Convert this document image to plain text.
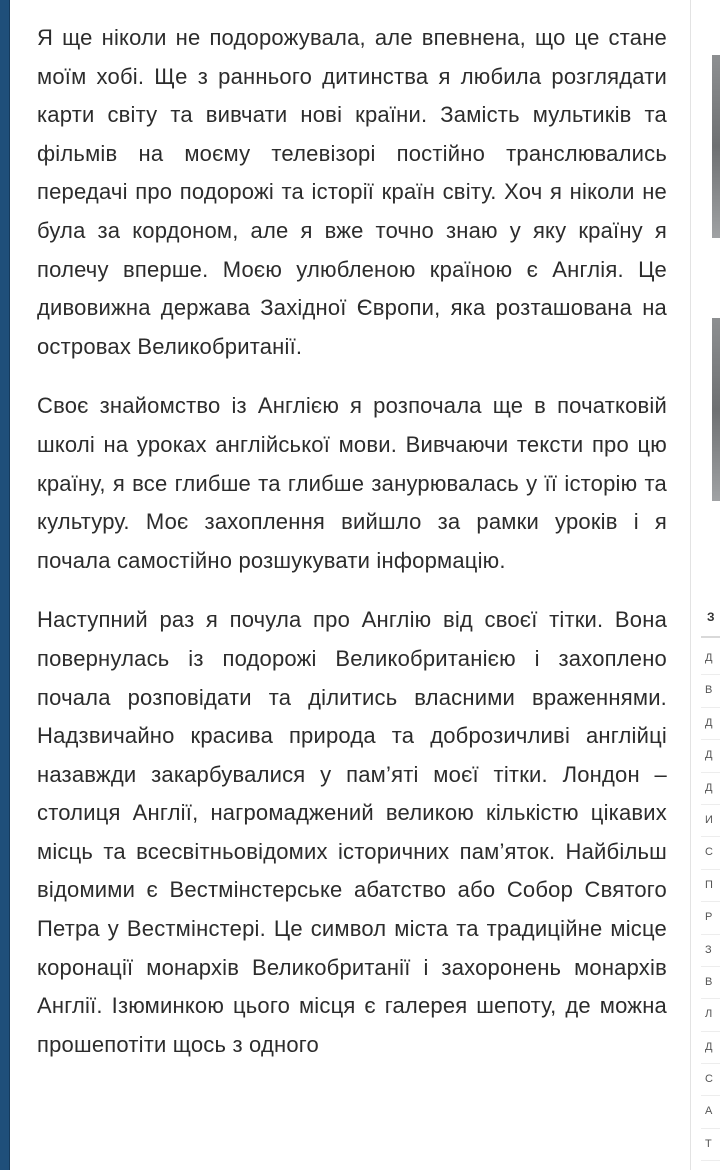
Я ще ніколи не подорожувала, але впевнена, що це стане моїм хобі. Ще з раннього дитинства я любила розглядати карти світу та вивчати нові країни. Замість мультиків та фільмів на моєму телевізорі постійно транслювались передачі про подорожі та історії країн світу. Хоч я ніколи не була за кордоном, але я вже точно знаю у яку країну я полечу вперше. Моєю улюбленою країною є Англія. Це дивовижна держава Західної Європи, яка розташована на островах Великобританії.

Своє знайомство із Англією я розпочала ще в початковій школі на уроках англійської мови. Вивчаючи тексти про цю країну, я все глибше та глибше занурювалась у її історію та культуру. Моє захоплення вийшло за рамки уроків і я почала самостійно розшукувати інформацію.

Наступний раз я почула про Англію від своєї тітки. Вона повернулась із подорожі Великобританією і захоплено почала розповідати та ділитись власними враженнями. Надзвичайно красива природа та доброзичливі англійці назавжди закарбувалися у пам’яті моєї тітки. Лондон – столиця Англії, нагромаджений великою кількістю цікавих місць та всесвітньовідомих історичних пам’яток. Найбільш відомими є Вестмінстерське абатство або Собор Святого Петра у Вестмінстері. Це символ міста та традиційне місце коронації монархів Великобританії і захоронень монархів Англії. Ізюминкою цього місця є галерея шепоту, де можна прошепотіти щось з одного

З
Д
В
Д
Д
Д
И
С
П
Р
З
В
Л
Д
С
А
Т
